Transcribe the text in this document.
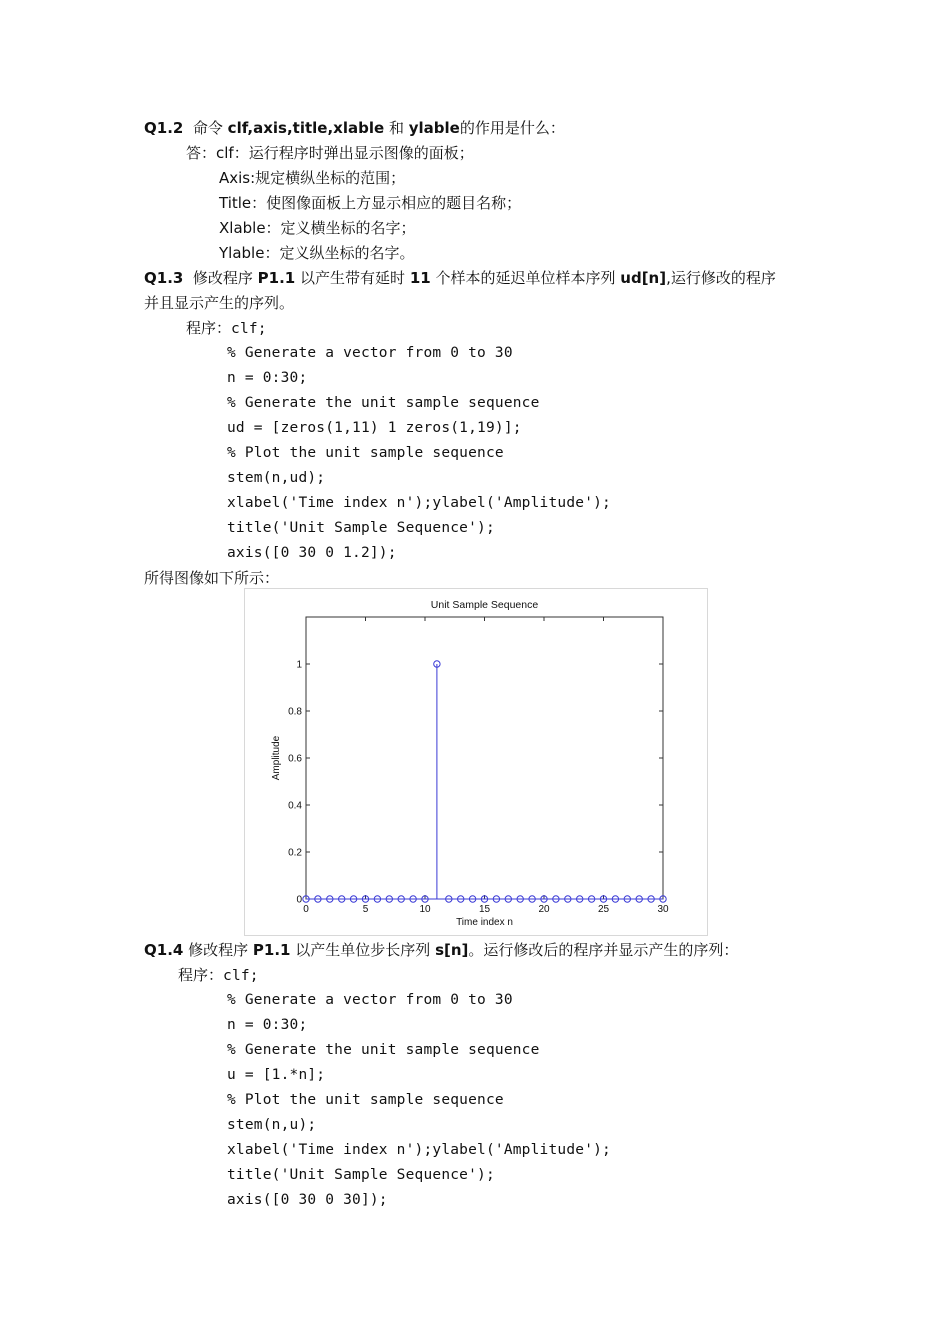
Q1.2 命令 clf,axis,title,xlable 和 ylable的作用是什么：
答：clf：运行程序时弹出显示图像的面板；
Axis:规定横纵坐标的范围；
Title：使图像面板上方显示相应的题目名称；
Xlable：定义横坐标的名字；
Ylable：定义纵坐标的名字。
Q1.3 修改程序 P1.1 以产生带有延时 11 个样本的延迟单位样本序列 ud[n],运行修改的程序
并且显示产生的序列。
程序：clf;
% Generate a vector from 0 to 30
n = 0:30;
% Generate the unit sample sequence
ud = [zeros(1,11) 1 zeros(1,19)];
% Plot the unit sample sequence
stem(n,ud);
xlabel('Time index n');ylabel('Amplitude');
title('Unit Sample Sequence');
axis([0 30 0 1.2]);
所得图像如下所示：
Unit Sample Sequence
0	5	10	15	20	25	30
0
0.2
0.4
0.6
0.8
1
Time index n
Amplitude
Q1.4 修改程序 P1.1 以产生单位步长序列 s[n]。运行修改后的程序并显示产生的序列：
程序：clf;
% Generate a vector from 0 to 30
n = 0:30;
% Generate the unit sample sequence
u = [1.*n];
% Plot the unit sample sequence
stem(n,u);
xlabel('Time index n');ylabel('Amplitude');
title('Unit Sample Sequence');
axis([0 30 0 30]);
